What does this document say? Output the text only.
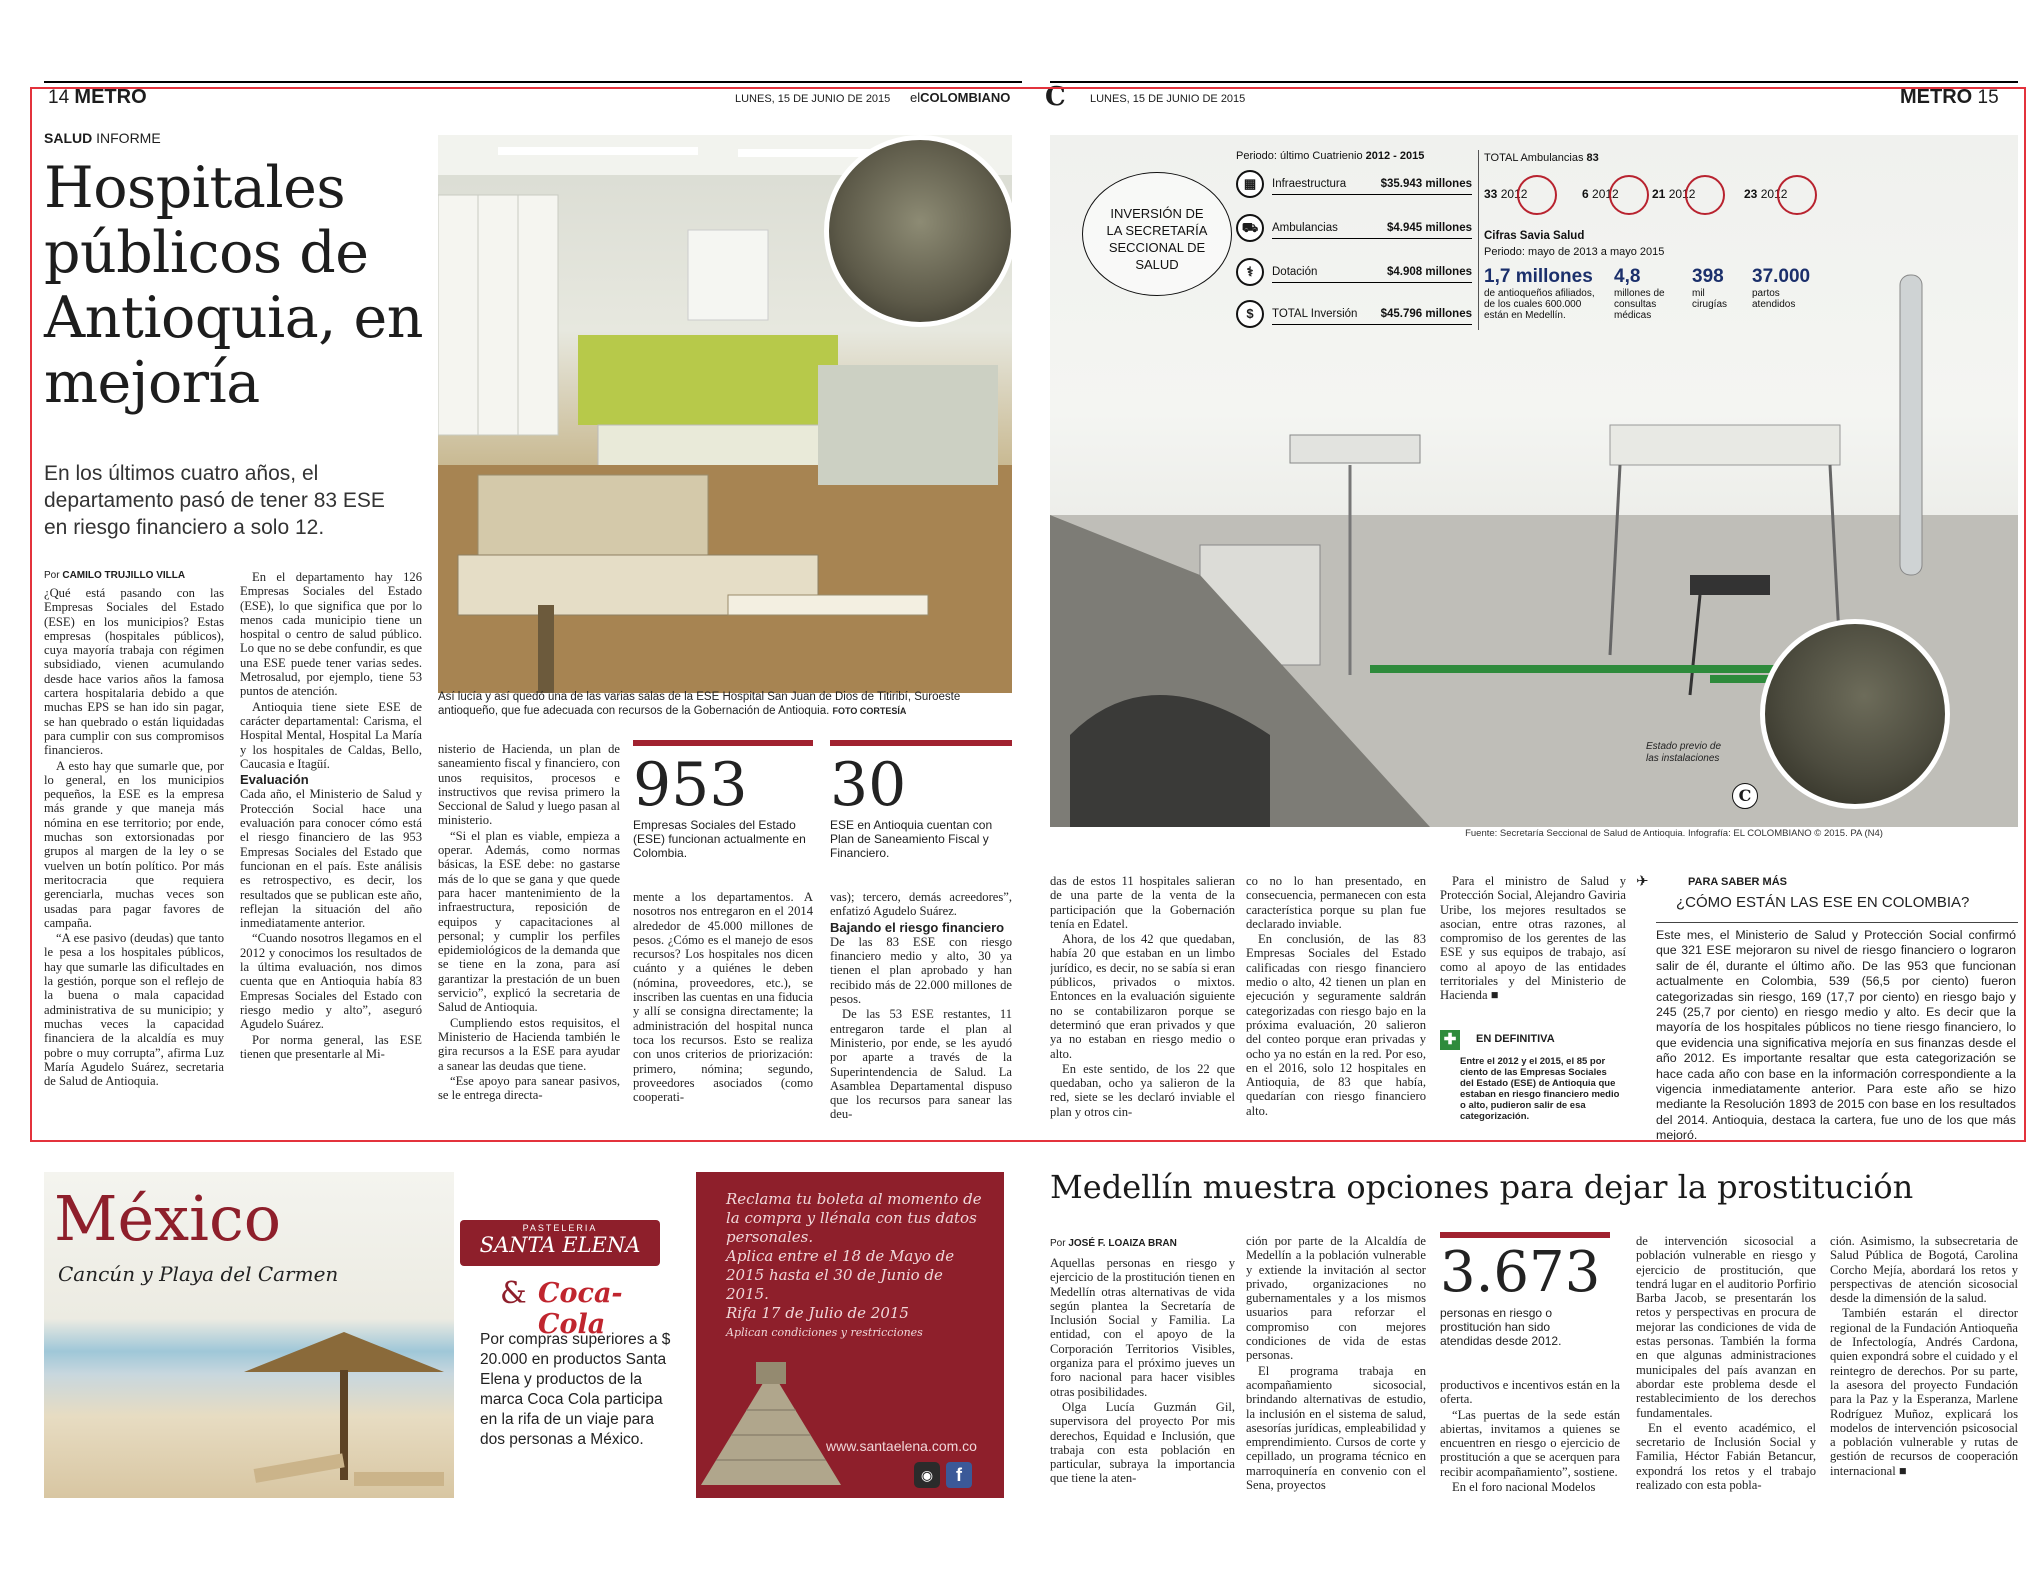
14 METRO	LUNES, 15 DE JUNIO DE 2015 elCOLOMBIANO C LUNES, 15 DE JUNIO DE 2015	METRO 15
SALUD INFORME
Hospitales públicos de Antioquia, en mejoría
En los últimos cuatro años, el departamento pasó de tener 83 ESE en riesgo financiero a solo 12.
Por CAMILO TRUJILLO VILLA

¿Qué está pasando con las Empresas Sociales del Estado (ESE) en los municipios? Estas empresas (hospitales públicos), cuya mayoría trabaja con régimen subsidiado, vienen acumulando desde hace varios años la famosa cartera hospitalaria debido a que muchas EPS se han ido sin pagar, se han quebrado o están liquidadas para cumplir con sus compromisos financieros.

A esto hay que sumarle que, por lo general, en los municipios pequeños, la ESE es la empresa más grande y que maneja más nómina en ese territorio; por ende, muchas son extorsionadas por grupos al margen de la ley o se vuelven un botín político. Por más meritocracia que requiera gerenciarla, muchas veces son usadas para pagar favores de campaña.

“A ese pasivo (deudas) que tanto le pesa a los hospitales públicos, hay que sumarle las dificultades en la gestión, porque son el reflejo de la buena o mala capacidad administrativa de su municipio; y muchas veces la capacidad financiera de la alcaldía es muy pobre o muy corrupta”, afirma Luz María Agudelo Suárez, secretaria de Salud de Antioquia.

En el departamento hay 126 Empresas Sociales del Estado (ESE), lo que significa que por lo menos cada municipio tiene un hospital o centro de salud público. Lo que no se debe confundir, es que una ESE puede tener varias sedes. Metrosalud, por ejemplo, tiene 53 puntos de atención.

Antioquia tiene siete ESE de carácter departamental: Carisma, el Hospital Mental, Hospital La María y los hospitales de Caldas, Bello, Caucasia e Itagüí.

Evaluación

Cada año, el Ministerio de Salud y Protección Social hace una evaluación para conocer cómo está el riesgo financiero de las 953 Empresas Sociales del Estado que funcionan en el país. Este análisis es retrospectivo, es decir, los resultados que se publican este año, reflejan la situación del año inmediatamente anterior.

“Cuando nosotros llegamos en el 2012 y conocimos los resultados de la última evaluación, nos dimos cuenta que en Antioquia había 83 Empresas Sociales del Estado con riesgo medio y alto”, aseguró Agudelo Suárez.

Por norma general, las ESE tienen que presentarle al Mi-

Así lucía y así quedó una de las varias salas de la ESE Hospital San Juan de Dios de Titiribí, Suroeste antioqueño, que fue adecuada con recursos de la Gobernación de Antioquia. FOTO CORTESÍA

nisterio de Hacienda, un plan de saneamiento fiscal y financiero, con unos requisitos, procesos e instructivos que revisa primero la Seccional de Salud y luego pasan al ministerio.

“Si el plan es viable, empieza a operar. Además, como normas básicas, la ESE debe: no gastarse más de lo que se gana y que quede para hacer mantenimiento de la infraestructura, reposición de equipos y capacitaciones al personal; y cumplir los perfiles epidemiológicos de la demanda que se tiene en la zona, para así garantizar la prestación de un buen servicio”, explicó la secretaria de Salud de Antioquia.

Cumpliendo estos requisitos, el Ministerio de Hacienda también le gira recursos a la ESE para ayudar a sanear las deudas que tiene.

“Ese apoyo para sanear pasivos, se le entrega directa-

953
Empresas Sociales del Estado (ESE) funcionan actualmente en Colombia.
30
ESE en Antioquia cuentan con Plan de Saneamiento Fiscal y Financiero.

mente a los departamentos. A nosotros nos entregaron en el 2014 alrededor de 45.000 millones de pesos. ¿Cómo es el manejo de esos recursos? Los hospitales nos dicen cuánto y a quiénes le deben (nómina, proveedores, etc.), se inscriben las cuentas en una fiducia y allí se consigna directamente; la administración del hospital nunca toca los recursos. Esto se realiza con unos criterios de priorización: primero, nómina; segundo, proveedores asociados (como cooperati-

vas); tercero, demás acreedores”, enfatizó Agudelo Suárez.

Bajando el riesgo financiero

De las 83 ESE con riesgo financiero medio y alto, 30 ya tienen el plan aprobado y han recibido más de 22.000 millones de pesos.

De las 53 ESE restantes, 11 entregaron tarde el plan al Ministerio, por ende, se les ayudó por aparte a través de la Superintendencia de Salud. La Asamblea Departamental dispuso que los recursos para sanear las deu-

Estado previo de las instalaciones
C
INVERSIÓN DE LA SECRETARÍA SECCIONAL DE SALUD
Periodo: último Cuatrienio 2012 - 2015
▦	Infraestructura	$35.943 millones
⛟	Ambulancias	$4.945 millones
⚕	Dotación	$4.908 millones
$	TOTAL Inversión $45.796 millones
TOTAL Ambulancias 83
33 2012	6 2012	21 2012	23 2012
Cifras Savia Salud
Periodo: mayo de 2013 a mayo 2015
1,7 millones
de antioqueños afiliados, de los cuales 600.000 están en Medellín.
4,8
millones de consultas médicas
398
mil cirugías
37.000
partos atendidos
Fuente: Secretaría Seccional de Salud de Antioquia. Infografía: EL COLOMBIANO © 2015. PA (N4)

das de estos 11 hospitales salieran de una parte de la venta de la participación que la Gobernación tenía en Edatel.

Ahora, de los 42 que quedaban, había 20 que estaban en un limbo jurídico, es decir, no se sabía si eran públicos, privados o mixtos. Entonces en la evaluación siguiente no se contabilizaron porque se determinó que eran privados y que ya no estaban en riesgo medio o alto.

En este sentido, de los 22 que quedaban, ocho ya salieron de la red, siete se les declaró inviable el plan y otros cin-

co no lo han presentado, en consecuencia, permanecen con esta característica porque su plan fue declarado inviable.

En conclusión, de las 83 Empresas Sociales del Estado calificadas con riesgo financiero medio o alto, 42 tienen un plan en ejecución y seguramente saldrán categorizadas con riesgo bajo en la próxima evaluación, 20 salieron del conteo porque eran privadas y ocho ya no están en la red. Por eso, en el 2016, solo 12 hospitales en Antioquia, de 83 que había, quedarían con riesgo financiero alto.

Para el ministro de Salud y Protección Social, Alejandro Gaviria Uribe, los mejores resultados se asocian, entre otras razones, al compromiso de los gerentes de las ESE y sus equipos de trabajo, así como al apoyo de las entidades territoriales y del Ministerio de Hacienda ■

✚	EN DEFINITIVA
Entre el 2012 y el 2015, el 85 por ciento de las Empresas Sociales del Estado (ESE) de Antioquia que estaban en riesgo financiero medio o alto, pudieron salir de esa categorización.
✈	PARA SABER MÁS
¿CÓMO ESTÁN LAS ESE EN COLOMBIA?
Este mes, el Ministerio de Salud y Protección Social confirmó que 321 ESE mejoraron su nivel de riesgo financiero o lograron salir de él, durante el último año. De las 953 que funcionan actualmente en Colombia, 539 (56,5 por ciento) fueron categorizadas sin riesgo, 169 (17,7 por ciento) en riesgo bajo y 245 (25,7 por ciento) en riesgo medio y alto. Es decir que la mayoría de los hospitales públicos no tiene riesgo financiero, lo que evidencia una significativa mejoría en sus finanzas desde el año 2012. Es importante resaltar que esta categorización se hace cada año con base en la información correspondiente a la vigencia inmediatamente anterior. Para este año se hizo mediante la Resolución 1893 de 2015 con base en los resultados del 2014. Antioquia, destaca la cartera, fue uno de los que más mejoró.
México
Cancún y Playa del Carmen
PASTELERIA
SANTA ELENA
& Coca-Cola
Por compras superiores a $ 20.000 en productos Santa Elena y productos de la marca Coca Cola participa en la rifa de un viaje para dos personas a México.
Reclama tu boleta al momento de la compra y llénala con tus datos personales.
Aplica entre el 18 de Mayo de 2015 hasta el 30 de Junio de 2015.
Rifa 17 de Julio de 2015
Aplican condiciones y restricciones
www.santaelena.com.co
◉	f
Medellín muestra opciones para dejar la prostitución
Por JOSÉ F. LOAIZA BRAN

Aquellas personas en riesgo y ejercicio de la prostitución tienen en Medellín otras alternativas de vida según plantea la Secretaría de Inclusión Social y Familia. La entidad, con el apoyo de la Corporación Territorios Visibles, organiza para el próximo jueves un foro nacional para hacer visibles otras posibilidades.

Olga Lucía Guzmán Gil, supervisora del proyecto Por mis derechos, Equidad e Inclusión, que trabaja con esta población en particular, subraya la importancia que tiene la aten-

ción por parte de la Alcaldía de Medellín a la población vulnerable y extiende la invitación al sector privado, organizaciones no gubernamentales y a los mismos usuarios para reforzar el compromiso con mejores condiciones de vida de estas personas.

El programa trabaja en acompañamiento sicosocial, brindando alternativas de estudio, la inclusión en el sistema de salud, asesorías jurídicas, empleabilidad y emprendimiento. Cursos de corte y cepillado, un programa técnico en marroquinería en convenio con el Sena, proyectos

3.673
personas en riesgo o prostitución han sido atendidas desde 2012.

productivos e incentivos están en la oferta.

“Las puertas de la sede están abiertas, invitamos a quienes se encuentren en riesgo o ejercicio de prostitución a que se acerquen para recibir acompañamiento”, sostiene.

En el foro nacional Modelos

de intervención sicosocial a población vulnerable en riesgo y ejercicio de prostitución, que tendrá lugar en el auditorio Porfirio Barba Jacob, se presentarán los retos y perspectivas en procura de mejorar las condiciones de vida de estas personas. También la forma en que algunas administraciones municipales del país avanzan en abordar este problema desde el restablecimiento de los derechos fundamentales.

En el evento académico, el secretario de Inclusión Social y Familia, Héctor Fabián Betancur, expondrá los retos y el trabajo realizado con esta pobla-

ción. Asimismo, la subsecretaria de Salud Pública de Bogotá, Carolina Corcho Mejía, abordará los retos y perspectivas de atención sicosocial desde la dimensión de la salud.

También estarán el director regional de la Fundación Antioqueña de Infectología, Andrés Cardona, quien expondrá sobre el cuidado y el reintegro de derechos. Por su parte, la asesora del proyecto Fundación para la Paz y la Esperanza, Marlene Rodríguez Muñoz, explicará los modelos de intervención psicosocial a población vulnerable y rutas de gestión de recursos de cooperación internacional ■
